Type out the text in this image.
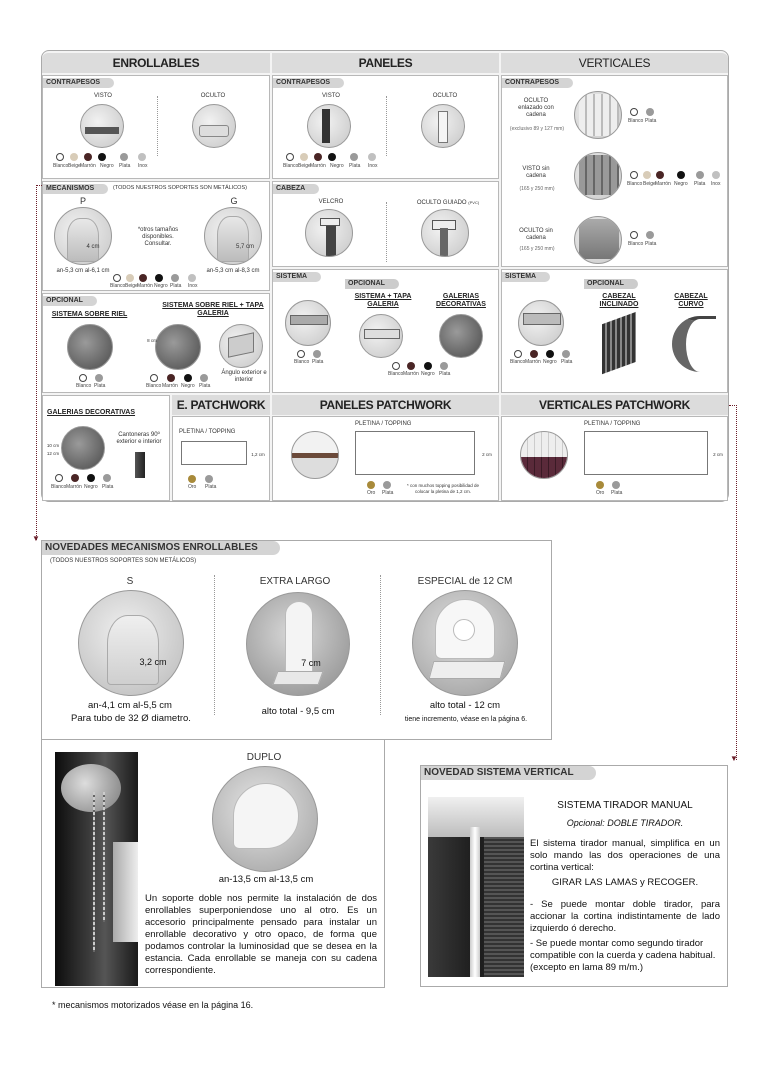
ENROLLABLES	PANELES	VERTICALES
CONTRAPESOS
VISTO	OCULTO
Blanco Beige Marrón Negro Plata Inox
CONTRAPESOS
VISTO	OCULTO
Blanco Beige Marrón Negro Plata Inox
CONTRAPESOS
OCULTO enlazado con cadena
(exclusivo 89 y 127 mm)
Blanco Plata
VISTO sin cadena
(165 y 250 mm)
Blanco Beige Marrón Negro Plata Inox
OCULTO sin cadena
(165 y 250 mm)
Blanco Plata
MECANISMOS	(TODOS NUESTROS SOPORTES SON METÁLICOS)
P	G
4 cm	5,7 cm
*otros tamaños disponibles. Consultar.
an-5,3 cm al-6,1 cm	an-5,3 cm al-8,3 cm
Blanco Beige Marrón Negro Plata Inox
CABEZA
VELCRO	OCULTO GUIADO (PVC)
OPCIONAL
SISTEMA SOBRE RIEL
SISTEMA SOBRE RIEL + TAPA GALERIA
8 cm
Ángulo exterior e interior
Blanco Plata	Blanco Marrón Negro Plata
SISTEMA
OPCIONAL
SISTEMA + TAPA GALERIA
GALERIAS DECORATIVAS
Blanco Plata
Blanco Marrón Negro Plata
SISTEMA
OPCIONAL
CABEZAL INCLINADO
CABEZAL CURVO
Blanco Marrón Negro Plata
GALERIAS DECORATIVAS
10 cm
12 cm
Cantoneras 90º exterior e interior
Blanco Marrón Negro Plata
E. PATCHWORK	PANELES PATCHWORK	VERTICALES PATCHWORK
PLETINA / TOPPING
1,2 cm
Oro Plata
PLETINA / TOPPING
2 cm
Oro Plata
* con muchos topping posibilidad de colocar la pletina de 1,2 cm.
PLETINA / TOPPING
2 cm
Oro Plata
▼
▼
NOVEDADES MECANISMOS ENROLLABLES
(TODOS NUESTROS SOPORTES SON METÁLICOS)
S
3,2 cm
an-4,1 cm al-5,5 cm
Para tubo de 32 Ø diametro.
EXTRA LARGO
7 cm
alto total - 9,5 cm
ESPECIAL de 12 CM
alto total - 12 cm
tiene incremento, véase en la página 6.
DUPLO
an-13,5 cm al-13,5 cm
Un soporte doble nos permite la instalación de dos enrollables superponiendose uno al otro. Es un accesorio principalmente pensado para instalar un enrollable decorativo y otro opaco, de forma que podamos controlar la luminosidad que se desea en la estancia. Cada enrollable se maneja con su cadena correspondiente.
NOVEDAD SISTEMA VERTICAL
SISTEMA TIRADOR MANUAL
Opcional: DOBLE TIRADOR.
El sistema tirador manual, simplifica en un solo mando las dos operaciones de una cortina vertical:
GIRAR LAS LAMAS y RECOGER.
- Se puede montar doble tirador, para accionar la cortina indistintamente de lado izquierdo ó derecho.
- Se puede montar como segundo tirador compatible con la cuerda y cadena habitual. (excepto en lama 89 m/m.)
* mecanismos motorizados véase en la página 16.
